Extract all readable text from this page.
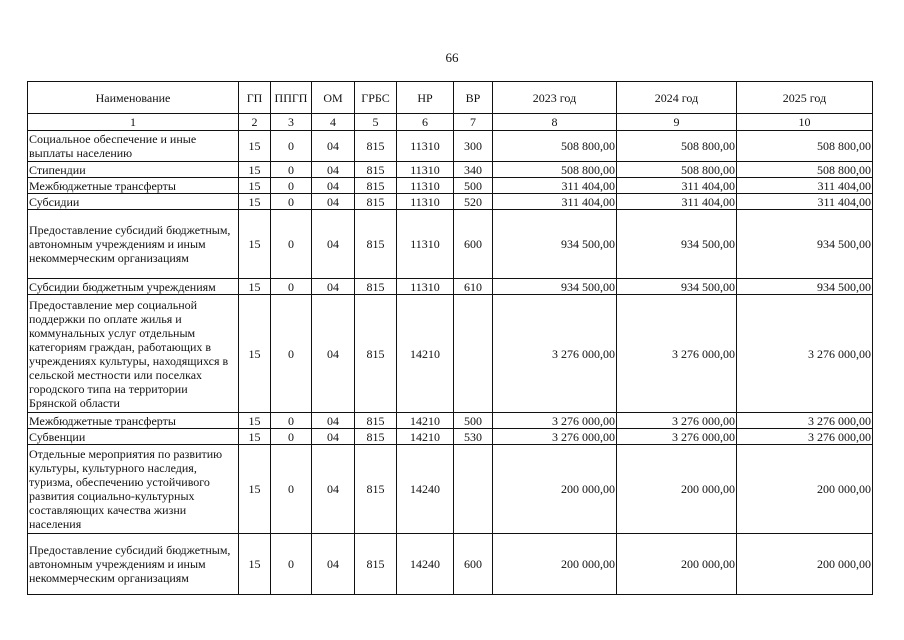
66
Наименование	ГП	ППГП	ОМ	ГРБС	НР	ВР	2023 год	2024 год	2025 год
1	2	3	4	5	6	7	8	9	10
Социальное обеспечение и иные выплаты населению	15	0	04	815	11310	300	508 800,00	508 800,00	508 800,00
Стипендии	15	0	04	815	11310	340	508 800,00	508 800,00	508 800,00
Межбюджетные трансферты	15	0	04	815	11310	500	311 404,00	311 404,00	311 404,00
Субсидии	15	0	04	815	11310	520	311 404,00	311 404,00	311 404,00
Предоставление субсидий бюджетным, автономным учреждениям и иным некоммерческим организациям	15	0	04	815	11310	600	934 500,00	934 500,00	934 500,00
Субсидии бюджетным учреждениям	15	0	04	815	11310	610	934 500,00	934 500,00	934 500,00
Предоставление мер социальной поддержки по оплате жилья и коммунальных услуг отдельным категориям граждан, работающих в учреждениях культуры, находящихся в сельской местности или поселках городского типа на территории Брянской области	15	0	04	815	14210		3 276 000,00	3 276 000,00	3 276 000,00
Межбюджетные трансферты	15	0	04	815	14210	500	3 276 000,00	3 276 000,00	3 276 000,00
Субвенции	15	0	04	815	14210	530	3 276 000,00	3 276 000,00	3 276 000,00
Отдельные мероприятия по развитию культуры, культурного наследия, туризма, обеспечению устойчивого развития социально-культурных составляющих качества жизни населения	15	0	04	815	14240		200 000,00	200 000,00	200 000,00
Предоставление субсидий бюджетным, автономным учреждениям и иным некоммерческим организациям	15	0	04	815	14240	600	200 000,00	200 000,00	200 000,00
